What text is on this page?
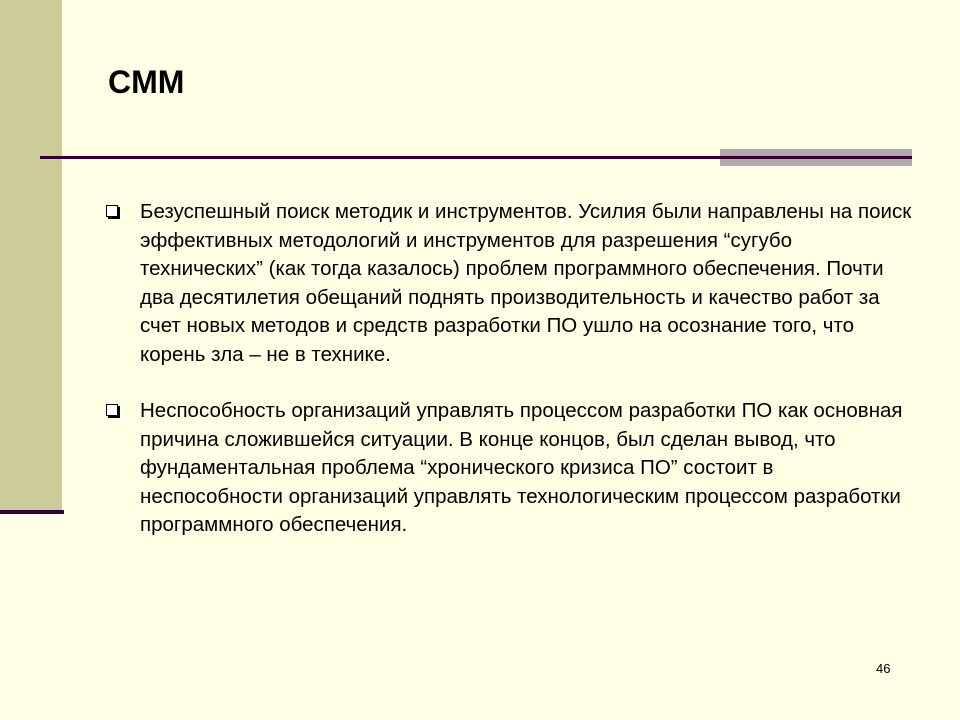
CMM
Безуспешный поиск методик и инструментов. Усилия были направлены на поиск эффективных методологий и инструментов для разрешения “сугубо технических” (как тогда казалось) проблем программного обеспечения. Почти два десятилетия обещаний поднять производительность и качество работ за счет новых методов и средств разработки ПО ушло на осознание того, что корень зла – не в технике.
Неспособность организаций управлять процессом разработки ПО как основная причина сложившейся ситуации. В конце концов, был сделан вывод, что фундаментальная проблема “хронического кризиса ПО” состоит в неспособности организаций управлять технологическим процессом разработки программного обеспечения.

46
